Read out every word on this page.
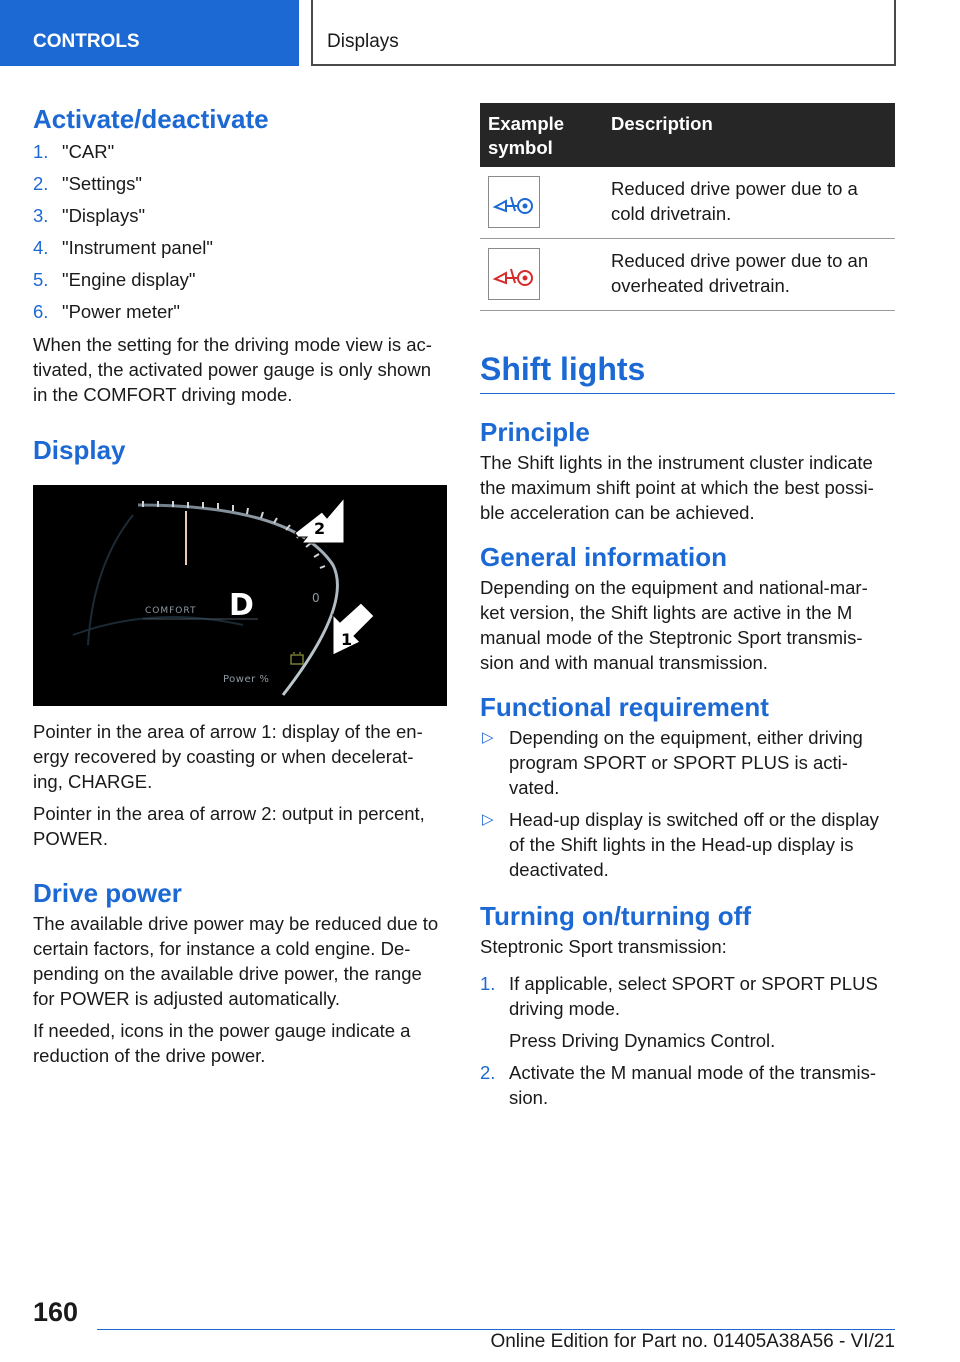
CONTROLS	Displays
Activate/deactivate
1. "CAR"
2. "Settings"
3. "Displays"
4. "Instrument panel"
5. "Engine display"
6. "Power meter"

When the setting for the driving mode view is ac‐ tivated, the activated power gauge is only shown in the COMFORT driving mode.

Display
COMFORT D	0
Power %
2
1

Pointer in the area of arrow 1: display of the en‐ ergy recovered by coasting or when decelerat‐ ing, CHARGE.

Pointer in the area of arrow 2: output in percent, POWER.

Drive power

The available drive power may be reduced due to certain factors, for instance a cold engine. De‐ pending on the available drive power, the range for POWER is adjusted automatically.

If needed, icons in the power gauge indicate a reduction of the drive power.

Example symbol	Description

	Reduced drive power due to a cold drivetrain.

	Reduced drive power due to an overheated drivetrain.
Shift lights
Principle

The Shift lights in the instrument cluster indicate the maximum shift point at which the best possi‐ ble acceleration can be achieved.

General information

Depending on the equipment and national-mar‐ ket version, the Shift lights are active in the M manual mode of the Steptronic Sport transmis‐ sion and with manual transmission.

Functional requirement
▷ Depending on the equipment, either driving program SPORT or SPORT PLUS is acti‐ vated.
▷ Head-up display is switched off or the display of the Shift lights in the Head-up display is deactivated.
Turning on/turning off

Steptronic Sport transmission:

1. If applicable, select SPORT or SPORT PLUS driving mode.
Press Driving Dynamics Control.
2. Activate the M manual mode of the transmis‐ sion.
160
Online Edition for Part no. 01405A38A56 - VI/21
